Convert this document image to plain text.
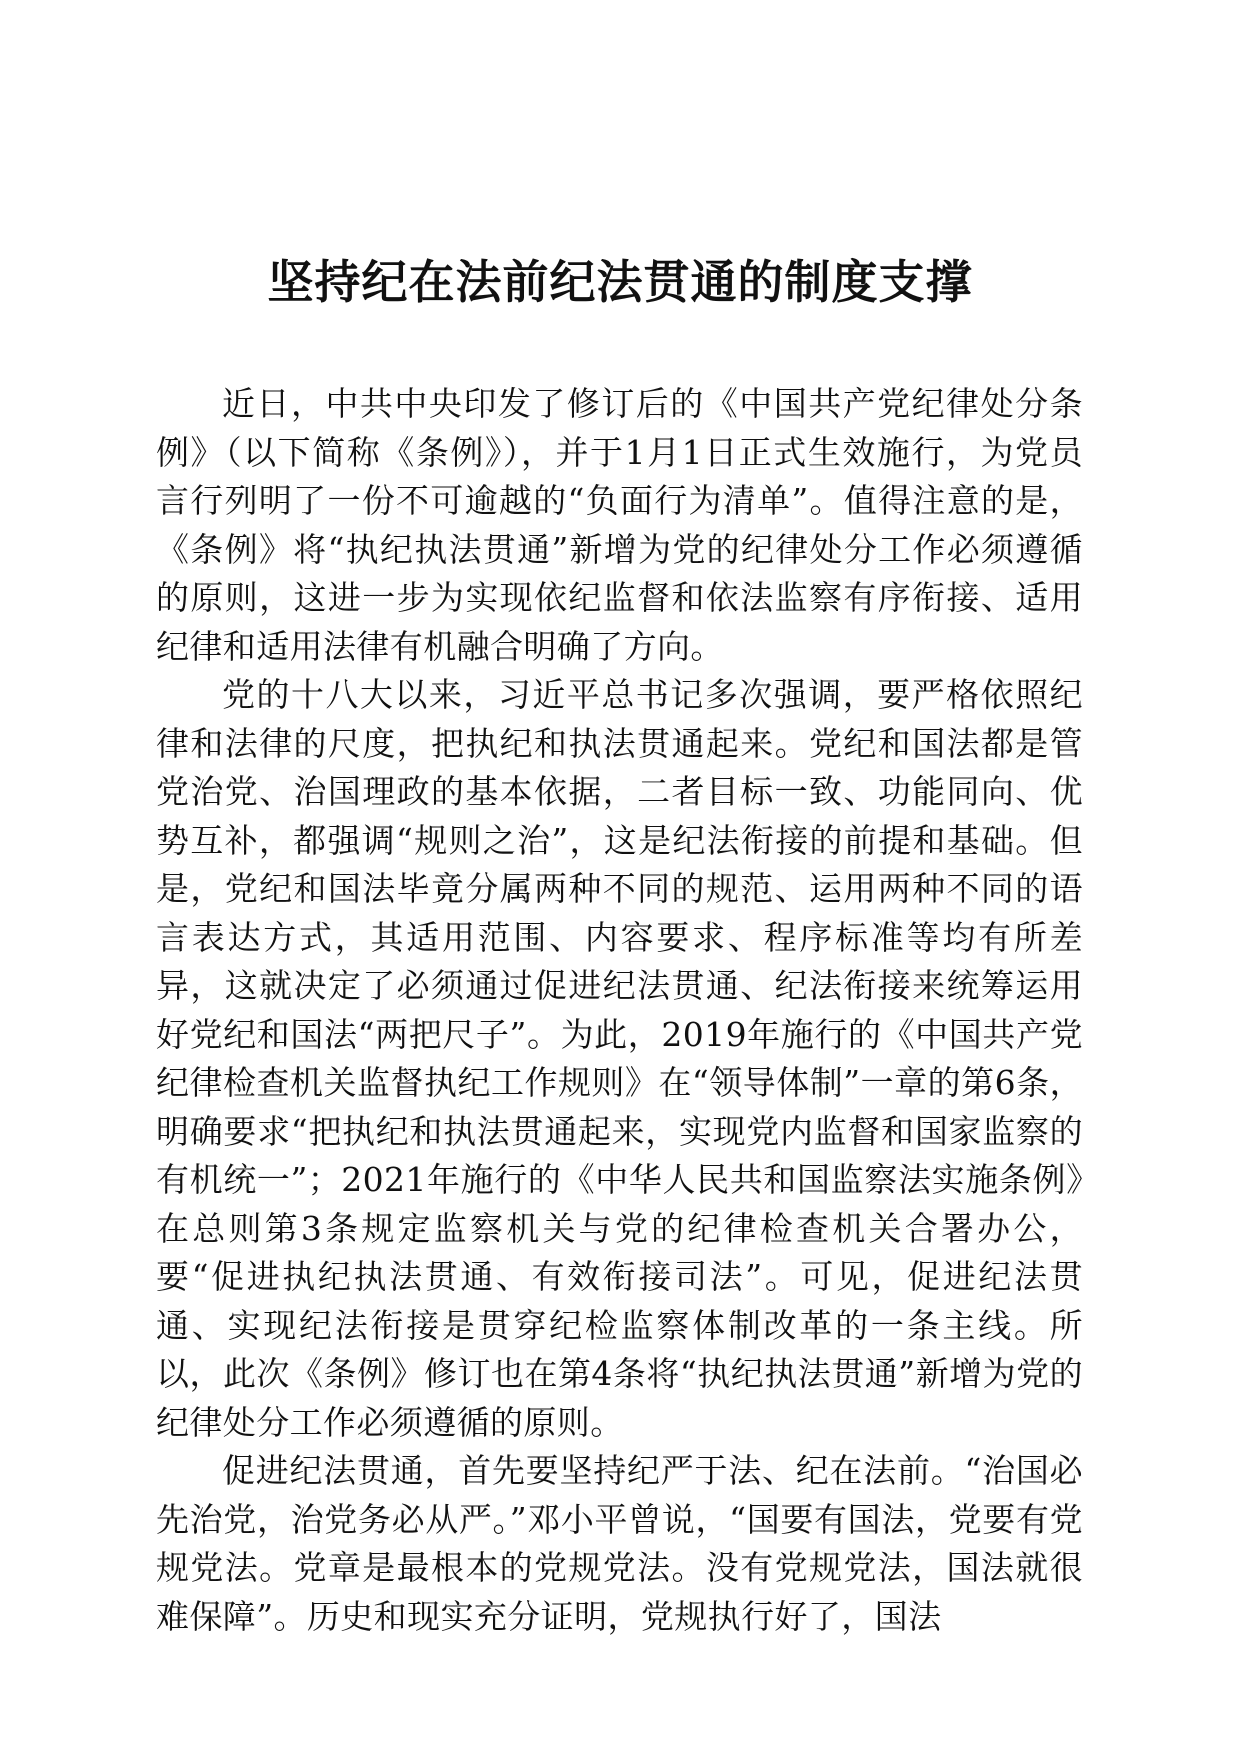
坚持纪在法前纪法贯通的制度支撑

近日，中共中央印发了修订后的《中国共产党纪律处分条例》（以下简称《条例》），并于1月1日正式生效施行，为党员言行列明了一份不可逾越的“负面行为清单”。值得注意的是，《条例》将“执纪执法贯通”新增为党的纪律处分工作必须遵循的原则，这进一步为实现依纪监督和依法监察有序衔接、适用纪律和适用法律有机融合明确了方向。

党的十八大以来，习近平总书记多次强调，要严格依照纪律和法律的尺度，把执纪和执法贯通起来。党纪和国法都是管党治党、治国理政的基本依据，二者目标一致、功能同向、优势互补，都强调“规则之治”，这是纪法衔接的前提和基础。但是，党纪和国法毕竟分属两种不同的规范、运用两种不同的语言表达方式，其适用范围、内容要求、程序标准等均有所差异，这就决定了必须通过促进纪法贯通、纪法衔接来统筹运用好党纪和国法“两把尺子”。为此，2019年施行的《中国共产党纪律检查机关监督执纪工作规则》在“领导体制”一章的第6条，明确要求“把执纪和执法贯通起来，实现党内监督和国家监察的有机统一”；2021年施行的《中华人民共和国监察法实施条例》在总则第3条规定监察机关与党的纪律检查机关合署办公，要“促进执纪执法贯通、有效衔接司法”。可见，促进纪法贯通、实现纪法衔接是贯穿纪检监察体制改革的一条主线。所以，此次《条例》修订也在第4条将“执纪执法贯通”新增为党的纪律处分工作必须遵循的原则。

促进纪法贯通，首先要坚持纪严于法、纪在法前。“治国必先治党，治党务必从严。”邓小平曾说，“国要有国法，党要有党规党法。党章是最根本的党规党法。没有党规党法，国法就很难保障”。历史和现实充分证明，党规执行好了，国法
